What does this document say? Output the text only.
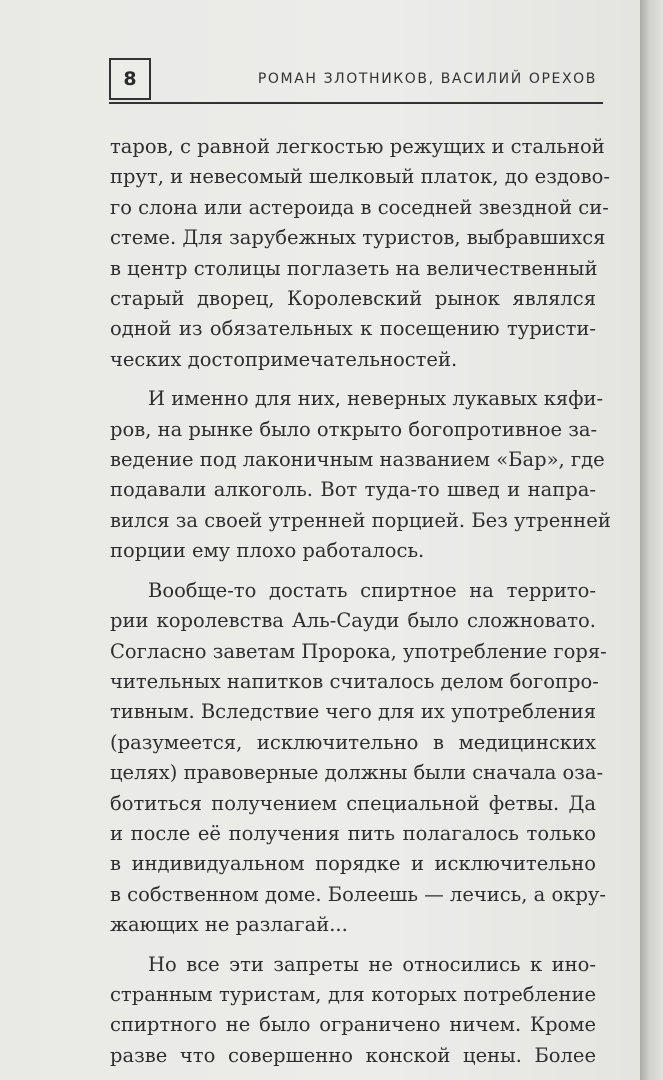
8	РОМАН ЗЛОТНИКОВ, ВАСИЛИЙ ОРЕХОВ
таров, с равной легкостью режущих и стальной
прут, и невесомый шелковый платок, до ездово-
го слона или астероида в соседней звездной си-
стеме. Для зарубежных туристов, выбравшихся
в центр столицы поглазеть на величественный
старый дворец, Королевский рынок являлся
одной из обязательных к посещению туристи-
ческих достопримечательностей.
И именно для них, неверных лукавых кяфи-
ров, на рынке было открыто богопротивное за-
ведение под лаконичным названием «Бар», где
подавали алкоголь. Вот туда-то швед и напра-
вился за своей утренней порцией. Без утренней
порции ему плохо работалось.
Вообще-то достать спиртное на террито-
рии королевства Аль-Сауди было сложновато.
Согласно заветам Пророка, употребление горя-
чительных напитков считалось делом богопро-
тивным. Вследствие чего для их употребления
(разумеется, исключительно в медицинских
целях) правоверные должны были сначала оза-
ботиться получением специальной фетвы. Да
и после её получения пить полагалось только
в индивидуальном порядке и исключительно
в собственном доме. Болеешь — лечись, а окру-
жающих не разлагай...
Но все эти запреты не относились к ино-
странным туристам, для которых потребление
спиртного не было ограничено ничем. Кроме
разве что совершенно конской цены. Более
